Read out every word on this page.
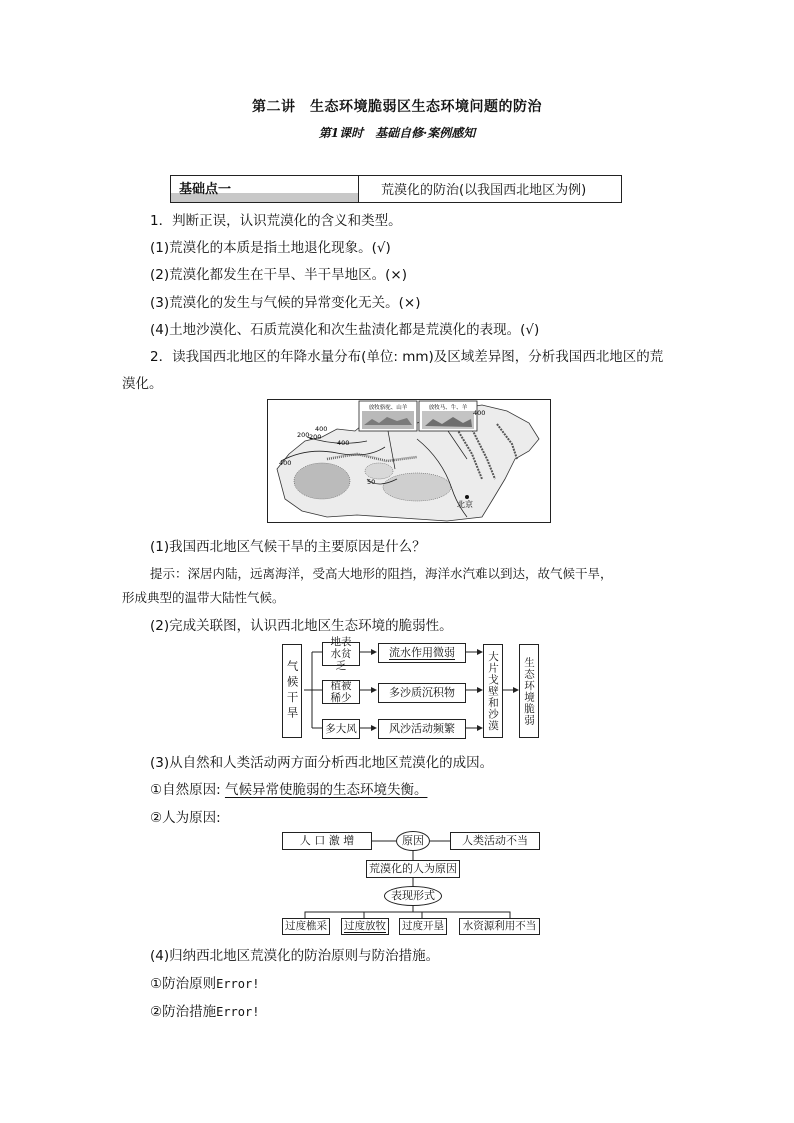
第二讲　生态环境脆弱区生态环境问题的防治
第1课时　基础自修·案例感知
基础点一	荒漠化的防治(以我国西北地区为例)
1．判断正误，认识荒漠化的含义和类型。
(1)荒漠化的本质是指土地退化现象。(√)
(2)荒漠化都发生在干旱、半干旱地区。(×)
(3)荒漠化的发生与气候的异常变化无关。(×)
(4)土地沙漠化、石质荒漠化和次生盐渍化都是荒漠化的表现。(√)
2．读我国西北地区的年降水量分布(单位: mm)及区域差异图，分析我国西北地区的荒
漠化。
放牧骆驼、山羊	放牧马、牛、羊
400
200
200
400
400
50
400
北京
(1)我国西北地区气候干旱的主要原因是什么？
提示：深居内陆，远离海洋，受高大地形的阻挡，海洋水汽难以到达，故气候干旱，
形成典型的温带大陆性气候。
(2)完成关联图，认识西北地区生态环境的脆弱性。
气候干旱
地表水贫乏
植被稀少
多大风
流水作用微弱
多沙质沉积物
风沙活动频繁	大片戈壁和沙漠	生态环境脆弱
(3)从自然和人类活动两方面分析西北地区荒漠化的成因。
①自然原因: 气候异常使脆弱的生态环境失衡。
②人为原因:
人 口 激 增	原因	人类活动不当
荒漠化的人为原因
表现形式
过度樵采 过度放牧 过度开垦	水资源利用不当
(4)归纳西北地区荒漠化的防治原则与防治措施。
①防治原则Error!
②防治措施Error!
